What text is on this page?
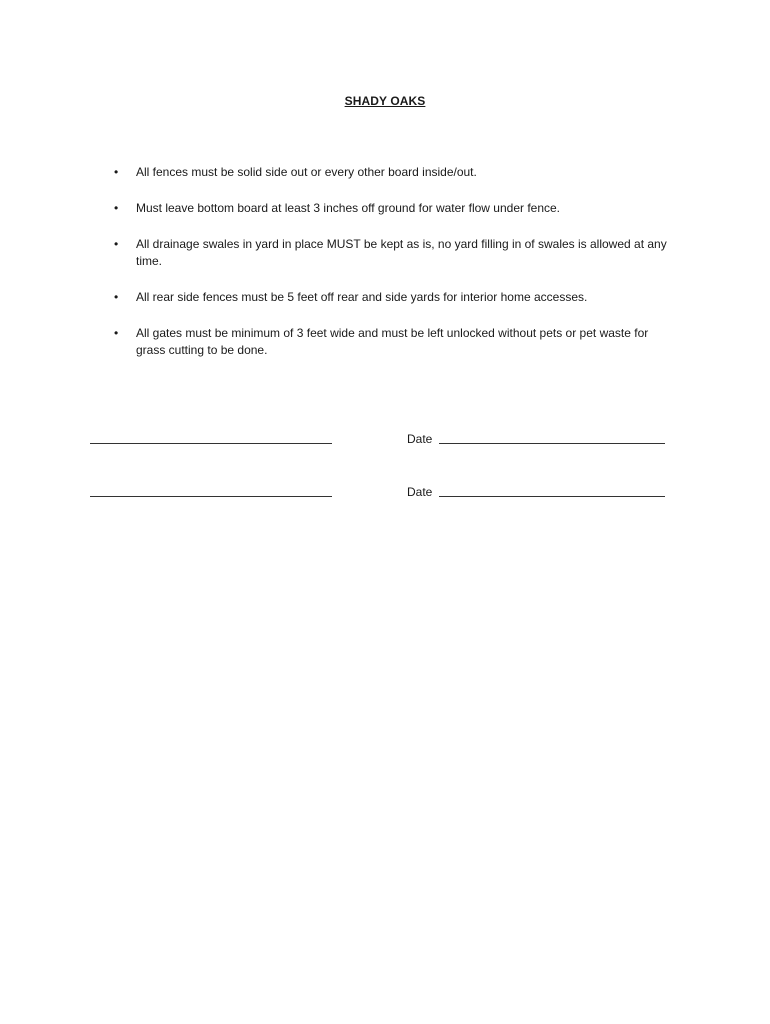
SHADY OAKS
• All fences must be solid side out or every other board inside/out.
• Must leave bottom board at least 3 inches off ground for water flow under fence.
• All drainage swales in yard in place MUST be kept as is, no yard filling in of swales is allowed at any time.
• All rear side fences must be 5 feet off rear and side yards for interior home accesses.
• All gates must be minimum of 3 feet wide and must be left unlocked without pets or pet waste for grass cutting to be done.
Date
Date
